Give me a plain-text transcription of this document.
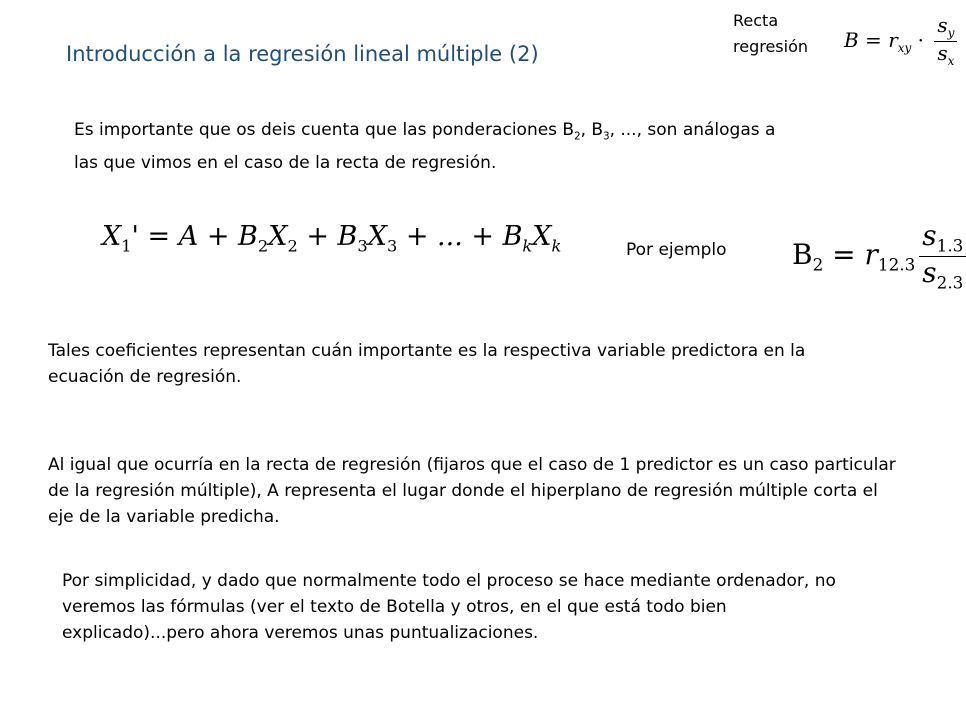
Introducción a la regresión lineal múltiple (2)
Recta
regresión $B = r_{xy} \cdot \frac{s_y}{s_x}$
Es importante que os deis cuenta que las ponderaciones $B_2$, $B_3$, ..., son análogas a las que vimos en el caso de la recta de regresión.
$X_1' = A + B_2X_2 + B_3X_3$ + ... + $B_kX_k$	Por ejemplo $B_2 = r_{12.3} \frac{s_{1.3}}{s_{2.3}}$
Tales coeficientes representan cuán importante es la respectiva variable predictora en la ecuación de regresión.
Al igual que ocurría en la recta de regresión (fijaros que el caso de 1 predictor es un caso particular de la regresión múltiple), A representa el lugar donde el hiperplano de regresión múltiple corta el eje de la variable predicha.
Por simplicidad, y dado que normalmente todo el proceso se hace mediante ordenador, no veremos las fórmulas (ver el texto de Botella y otros, en el que está todo bien explicado)...pero ahora veremos unas puntualizaciones.
